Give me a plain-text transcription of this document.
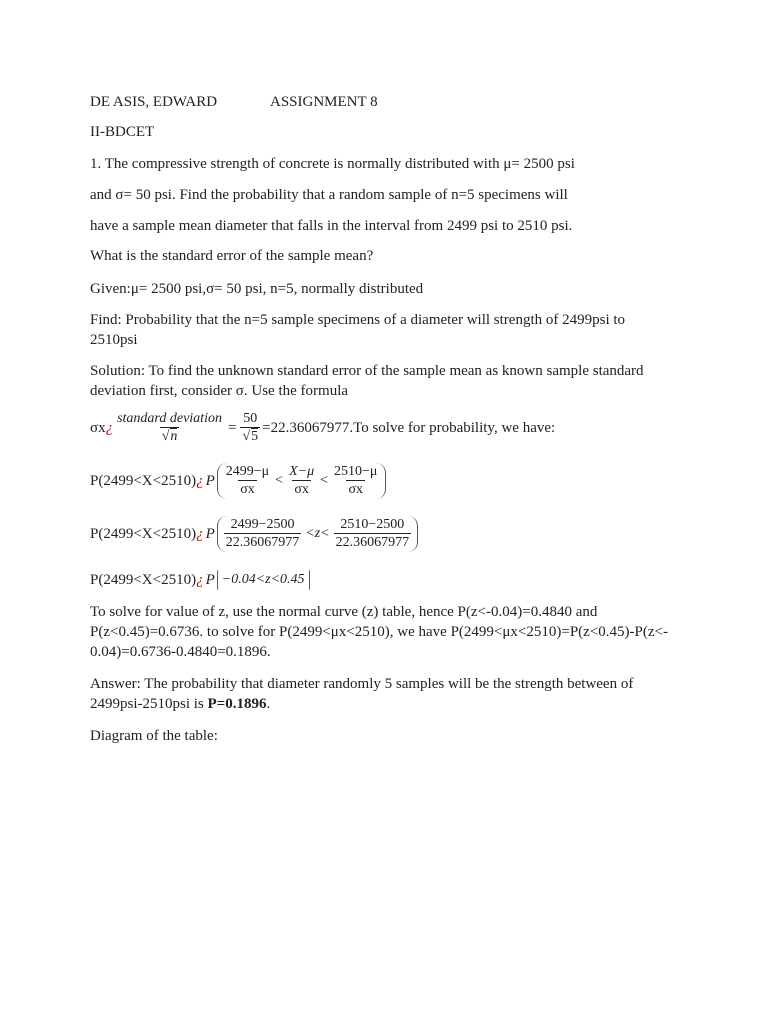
DE ASIS, EDWARD	ASSIGNMENT 8
II-BDCET
1. The compressive strength of concrete is normally distributed with μ= 2500 psi
and σ= 50 psi. Find the probability that a random sample of n=5 specimens will
have a sample mean diameter that falls in the interval from 2499 psi to 2510 psi.
What is the standard error of the sample mean?
Given:μ= 2500 psi,σ= 50 psi, n=5, normally distributed
Find: Probability that the n=5 sample specimens of a diameter will strength of 2499psi to
2510psi
Solution: To find the unknown standard error of the sample mean as known sample standard
deviation first, consider σ. Use the formula
σx ¿ $\frac{\text{standard deviation}}{√n} = \frac{50}{√5} =22.36067977$ .To solve for probability, we have:
P(2499<X<2510) ¿ P $\frac{2499-\mu}{\sigma x} < \frac{X-\mu}{\sigma x} < \frac{2510-\mu}{\sigma x}$
P(2499<X<2510) ¿ P $\frac{2499-2500}{22.36067977} <z< \frac{2510-2500}{22.36067977}$
P(2499<X<2510) ¿ P −0.04<z<0.45
To solve for value of z, use the normal curve (z) table, hence P(z<-0.04)=0.4840 and
P(z<0.45)=0.6736. to solve for P(2499<μx<2510), we have P(2499<μx<2510)=P(z<0.45)-P(z<-
0.04)=0.6736-0.4840=0.1896.
Answer: The probability that diameter randomly 5 samples will be the strength between of
2499psi-2510psi is P=0.1896.
Diagram of the table:
